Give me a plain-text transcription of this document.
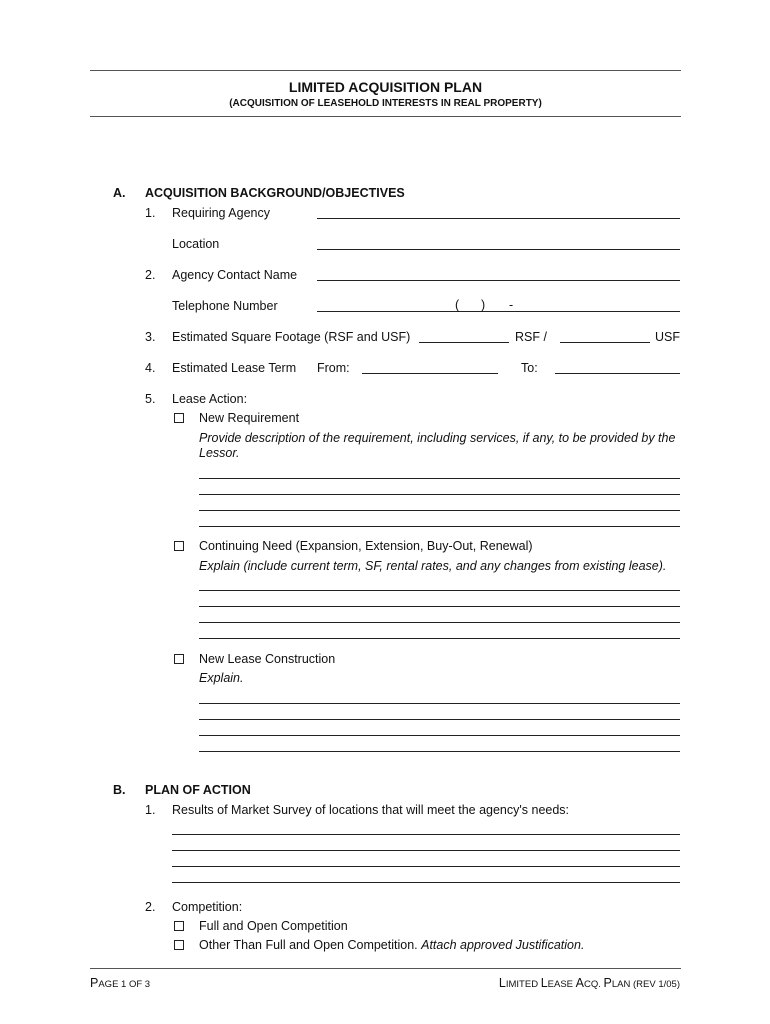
LIMITED ACQUISITION PLAN
(ACQUISITION OF LEASEHOLD INTERESTS IN REAL PROPERTY)
A. ACQUISITION BACKGROUND/OBJECTIVES
1. Requiring Agency
Location
2. Agency Contact Name
Telephone Number	( ) -
3. Estimated Square Footage (RSF and USF)	RSF /	USF
4. Estimated Lease Term From:	To:
5. Lease Action:
New Requirement
Provide description of the requirement, including services, if any, to be provided by the Lessor.
Continuing Need (Expansion, Extension, Buy-Out, Renewal)
Explain (include current term, SF, rental rates, and any changes from existing lease).
New Lease Construction
Explain.
B. PLAN OF ACTION
1. Results of Market Survey of locations that will meet the agency's needs:
2. Competition:
Full and Open Competition
Other Than Full and Open Competition. Attach approved Justification.
PAGE 1 OF 3	LIMITED LEASE ACQ. PLAN (REV 1/05)
